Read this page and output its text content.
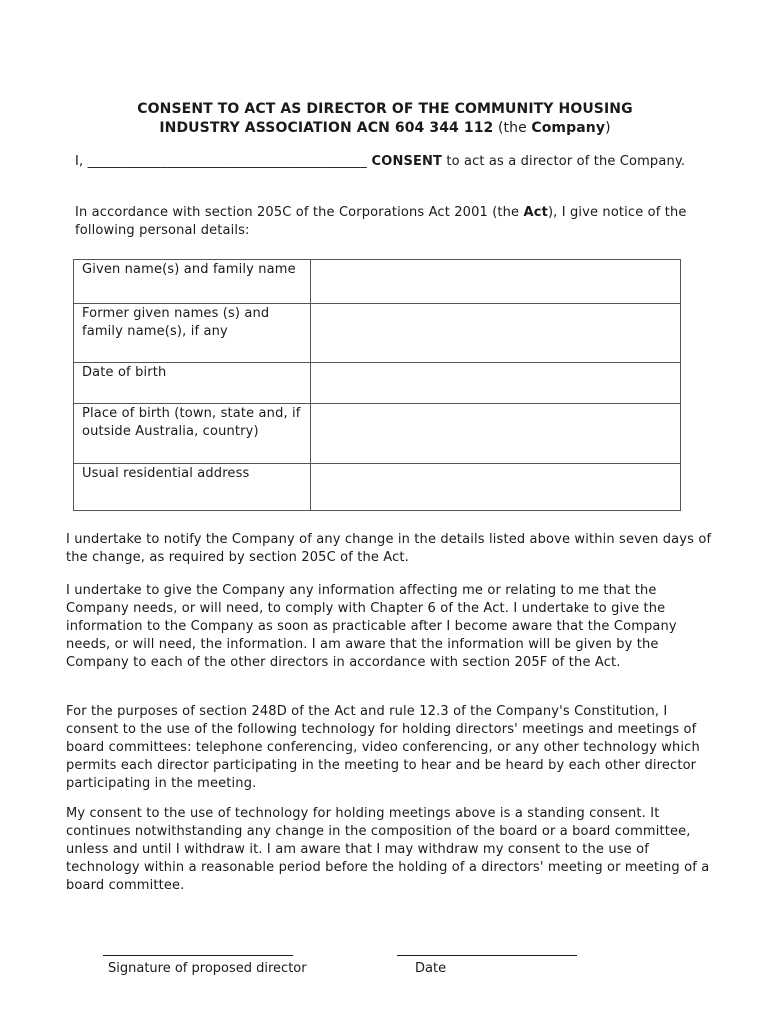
CONSENT TO ACT AS DIRECTOR OF THE COMMUNITY HOUSING
INDUSTRY ASSOCIATION ACN 604 344 112 (the Company)

I, __________________________________________ CONSENT to act as a director of the Company.

In accordance with section 205C of the Corporations Act 2001 (the Act), I give notice of the following personal details:

Given name(s) and family name	
Former given names (s) and family name(s), if any	
Date of birth	
Place of birth (town, state and, if outside Australia, country)	
Usual residential address	

I undertake to notify the Company of any change in the details listed above within seven days of the change, as required by section 205C of the Act.

I undertake to give the Company any information affecting me or relating to me that the Company needs, or will need, to comply with Chapter 6 of the Act. I undertake to give the information to the Company as soon as practicable after I become aware that the Company needs, or will need, the information. I am aware that the information will be given by the Company to each of the other directors in accordance with section 205F of the Act.

For the purposes of section 248D of the Act and rule 12.3 of the Company's Constitution, I consent to the use of the following technology for holding directors' meetings and meetings of board committees: telephone conferencing, video conferencing, or any other technology which permits each director participating in the meeting to hear and be heard by each other director participating in the meeting.

My consent to the use of technology for holding meetings above is a standing consent. It continues notwithstanding any change in the composition of the board or a board committee, unless and until I withdraw it. I am aware that I may withdraw my consent to the use of technology within a reasonable period before the holding of a directors' meeting or meeting of a board committee.

Signature of proposed director	Date
